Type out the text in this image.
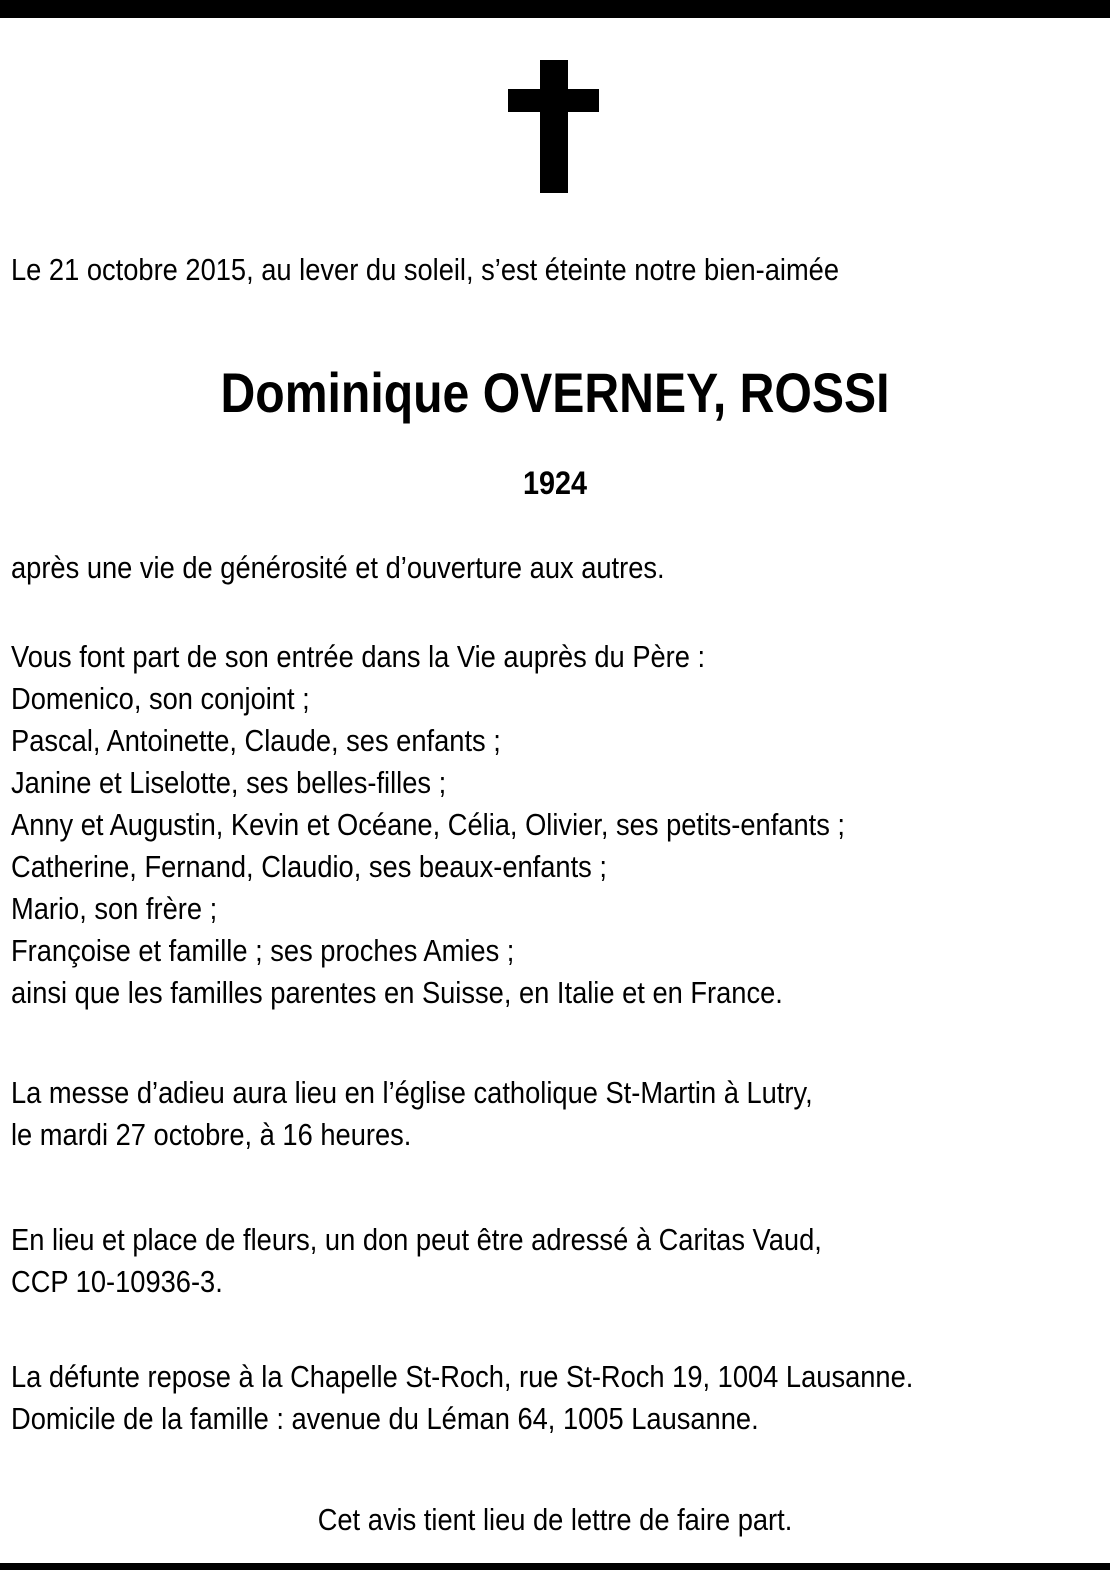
Le 21 octobre 2015, au lever du soleil, s’est éteinte notre bien-aimée
Dominique OVERNEY, ROSSI
1924
après une vie de générosité et d’ouverture aux autres.
Vous font part de son entrée dans la Vie auprès du Père :
Domenico, son conjoint ;
Pascal, Antoinette, Claude, ses enfants ;
Janine et Liselotte, ses belles-filles ;
Anny et Augustin, Kevin et Océane, Célia, Olivier, ses petits-enfants ;
Catherine, Fernand, Claudio, ses beaux-enfants ;
Mario, son frère ;
Françoise et famille ; ses proches Amies ;
ainsi que les familles parentes en Suisse, en Italie et en France.
La messe d’adieu aura lieu en l’église catholique St-Martin à Lutry,
le mardi 27 octobre, à 16 heures.
En lieu et place de fleurs, un don peut être adressé à Caritas Vaud,
CCP 10-10936-3.
La défunte repose à la Chapelle St-Roch, rue St-Roch 19, 1004 Lausanne.
Domicile de la famille : avenue du Léman 64, 1005 Lausanne.
Cet avis tient lieu de lettre de faire part.
